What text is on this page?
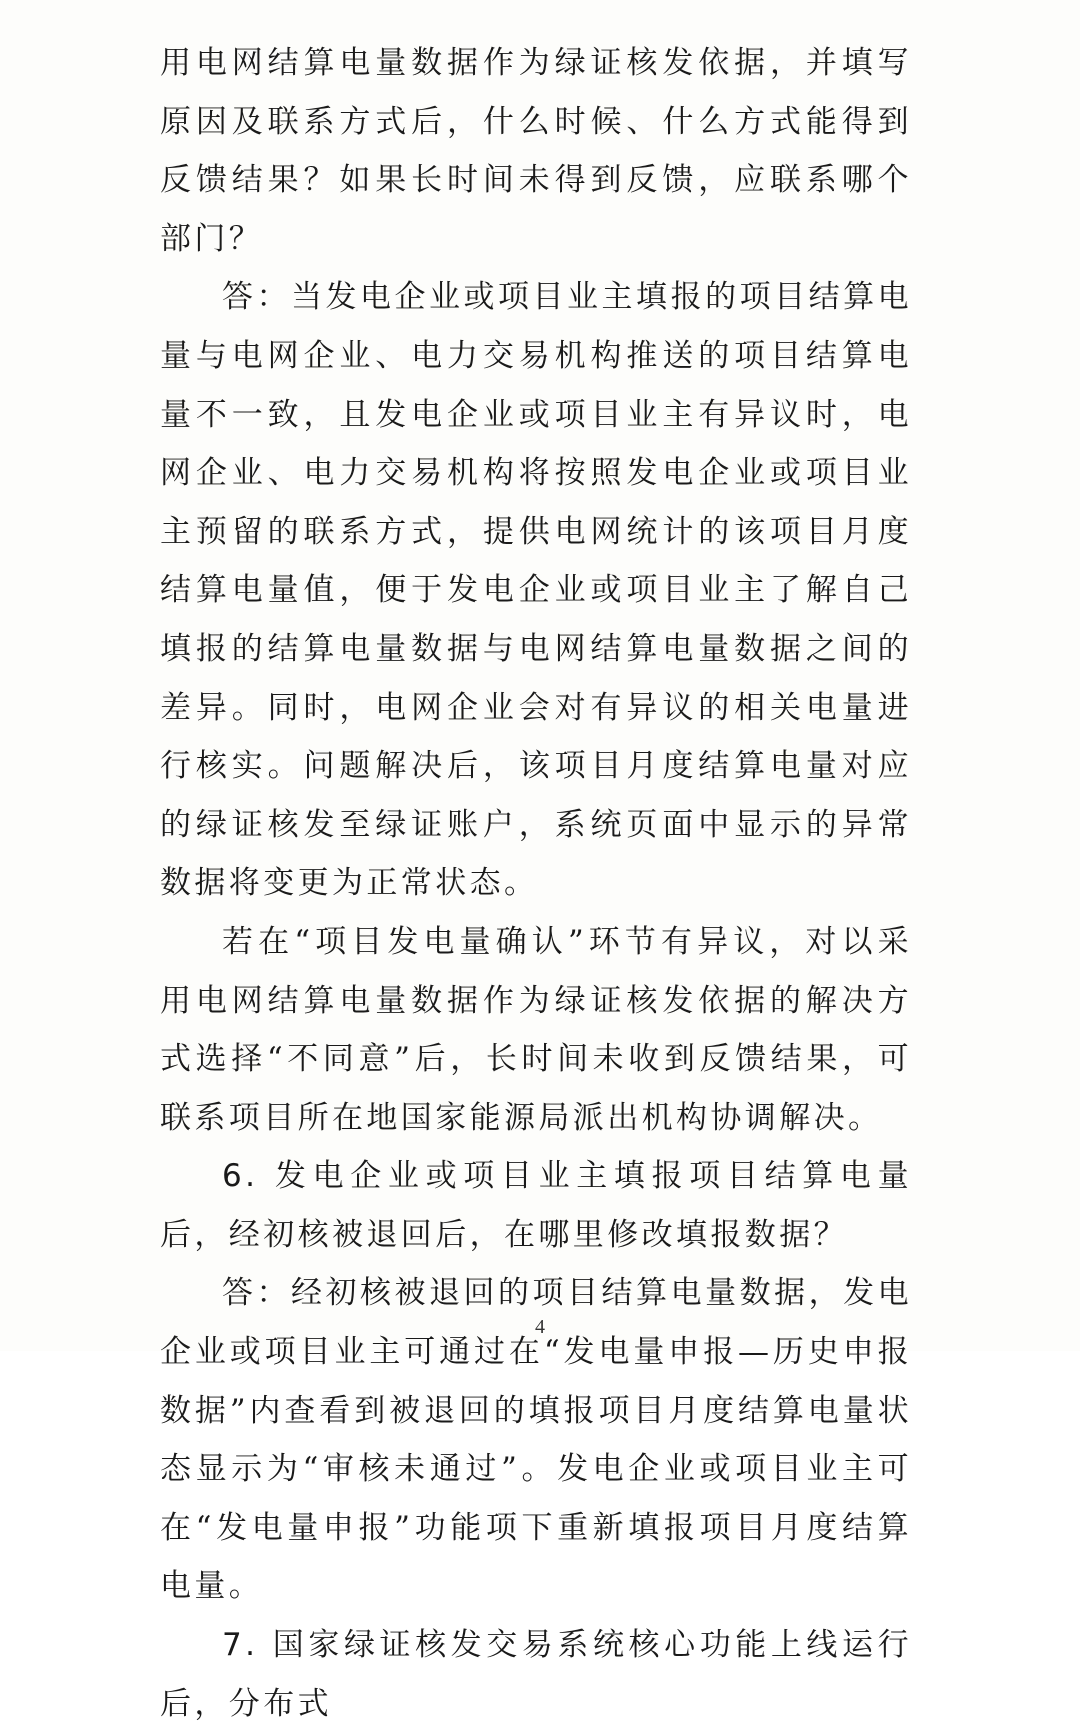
用电网结算电量数据作为绿证核发依据，并填写原因及联系方式后，什么时候、什么方式能得到反馈结果？如果长时间未得到反馈，应联系哪个部门？

答：当发电企业或项目业主填报的项目结算电量与电网企业、电力交易机构推送的项目结算电量不一致，且发电企业或项目业主有异议时，电网企业、电力交易机构将按照发电企业或项目业主预留的联系方式，提供电网统计的该项目月度结算电量值，便于发电企业或项目业主了解自己填报的结算电量数据与电网结算电量数据之间的差异。同时，电网企业会对有异议的相关电量进行核实。问题解决后，该项目月度结算电量对应的绿证核发至绿证账户，系统页面中显示的异常数据将变更为正常状态。

若在“项目发电量确认”环节有异议，对以采用电网结算电量数据作为绿证核发依据的解决方式选择“不同意”后，长时间未收到反馈结果，可联系项目所在地国家能源局派出机构协调解决。

6. 发电企业或项目业主填报项目结算电量后，经初核被退回后，在哪里修改填报数据？

答：经初核被退回的项目结算电量数据，发电企业或项目业主可通过在“发电量申报—历史申报数据”内查看到被退回的填报项目月度结算电量状态显示为“审核未通过”。发电企业或项目业主可在“发电量申报”功能项下重新填报项目月度结算电量。

7. 国家绿证核发交易系统核心功能上线运行后，分布式

4
